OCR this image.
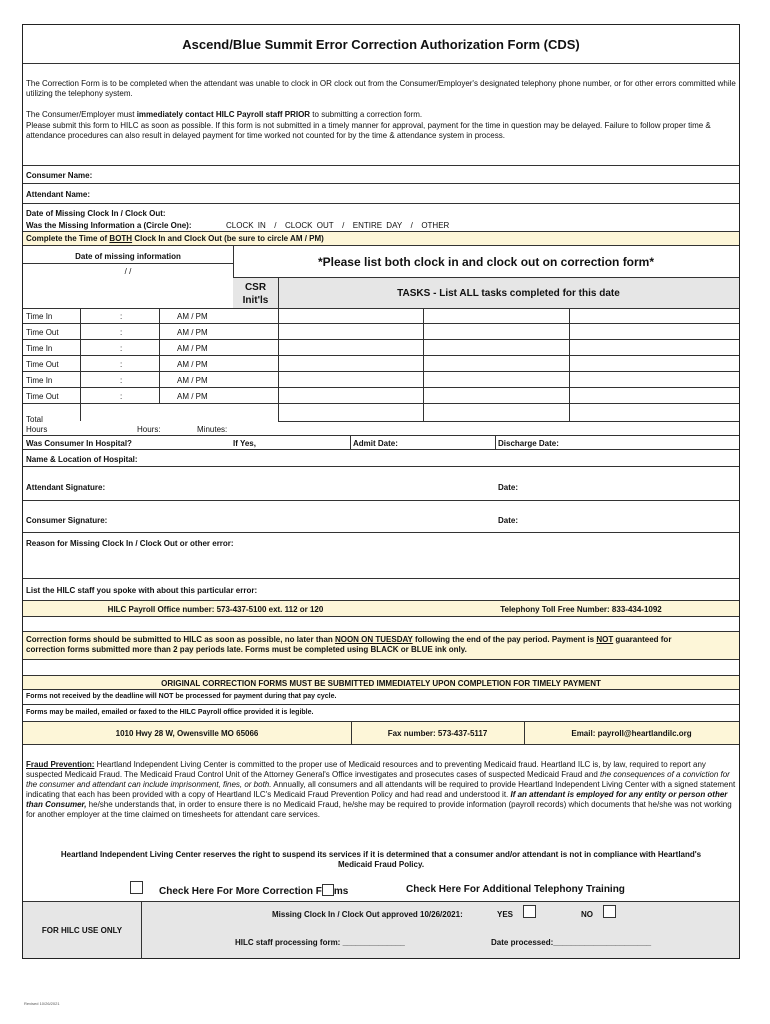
Ascend/Blue Summit Error Correction Authorization Form (CDS)
The Correction Form is to be completed when the attendant was unable to clock in OR clock out from the Consumer/Employer's designated telephony phone number, or for other errors committed while utilizing the telephony system.
The Consumer/Employer must immediately contact HILC Payroll staff PRIOR to submitting a correction form.
Please submit this form to HILC as soon as possible. If this form is not submitted in a timely manner for approval, payment for the time in question may be delayed. Failure to follow proper time & attendance procedures can also result in delayed payment for time worked not counted for by the time & attendance system in process.
Consumer Name:
Attendant Name:
Date of Missing Clock In / Clock Out:
Was the Missing Information a (Circle One):	CLOCK IN / CLOCK OUT / ENTIRE DAY / OTHER
Complete the Time of BOTH Clock In and Clock Out (be sure to circle AM / PM)
Date of missing information
/ /
*Please list both clock in and clock out on correction form*
CSR
Init'ls
TASKS - List ALL tasks completed for this date
Time In	:	AM / PM
Time Out	:	AM / PM
Time In	:	AM / PM
Time Out	:	AM / PM
Time In	:	AM / PM
Time Out	:	AM / PM
Total
Hours	Hours:	Minutes:
Was Consumer In Hospital?	If Yes,	Admit Date:	Discharge Date:
Name & Location of Hospital:
Attendant Signature:	Date:
Consumer Signature:	Date:
Reason for Missing Clock In / Clock Out or other error:
List the HILC staff you spoke with about this particular error:
HILC Payroll Office number: 573-437-5100 ext. 112 or 120	Telephony Toll Free Number: 833-434-1092
Correction forms should be submitted to HILC as soon as possible, no later than NOON ON TUESDAY following the end of the pay period. Payment is NOT guaranteed for
correction forms submitted more than 2 pay periods late. Forms must be completed using BLACK or BLUE ink only.
ORIGINAL CORRECTION FORMS MUST BE SUBMITTED IMMEDIATELY UPON COMPLETION FOR TIMELY PAYMENT
Forms not received by the deadline will NOT be processed for payment during that pay cycle.
Forms may be mailed, emailed or faxed to the HILC Payroll office provided it is legible.
1010 Hwy 28 W, Owensville MO 65066	Fax number: 573-437-5117	Email: payroll@heartlandilc.org
Fraud Prevention: Heartland Independent Living Center is committed to the proper use of Medicaid resources and to preventing Medicaid fraud. Heartland ILC is, by law, required to report any suspected Medicaid Fraud. The Medicaid Fraud Control Unit of the Attorney General's Office investigates and prosecutes cases of suspected Medicaid Fraud and the consequences of a conviction for the consumer and attendant can include imprisonment, fines, or both. Annually, all consumers and all attendants will be required to provide Heartland Independent Living Center with a signed statement indicating that each has been provided with a copy of Heartland ILC's Medicaid Fraud Prevention Policy and had read and understood it. If an attendant is employed for any entity or person other than Consumer, he/she understands that, in order to ensure there is no Medicaid Fraud, he/she may be required to provide information (payroll records) which documents that he/she was not working for another employer at the time claimed on timesheets for attendant care services.
Heartland Independent Living Center reserves the right to suspend its services if it is determined that a consumer and/or attendant is not in compliance with Heartland's
Medicaid Fraud Policy.
Check Here For More Correction F ms	Check Here For Additional Telephony Training
FOR HILC USE ONLY
Missing Clock In / Clock Out approved 10/26/2021:	YES	NO
HILC staff processing form: ______________	Date processed:______________________
Revised 10/26/2021
